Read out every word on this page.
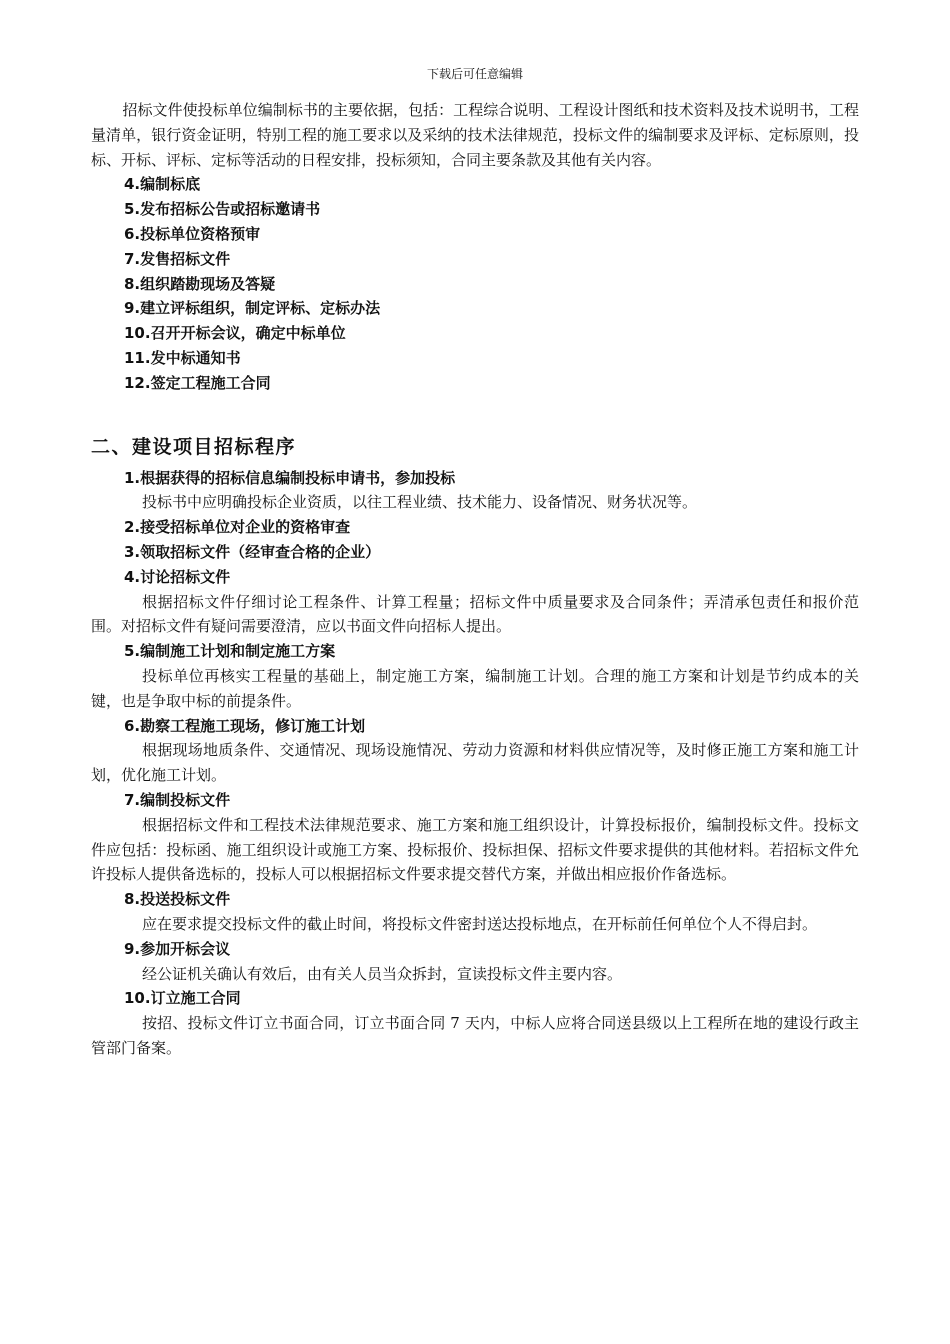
下载后可任意编辑

招标文件使投标单位编制标书的主要依据，包括：工程综合说明、工程设计图纸和技术资料及技术说明书，工程量清单，银行资金证明，特别工程的施工要求以及采纳的技术法律规范，投标文件的编制要求及评标、定标原则，投标、开标、评标、定标等活动的日程安排，投标须知，合同主要条款及其他有关内容。

4.编制标底

5.发布招标公告或招标邀请书

6.投标单位资格预审

7.发售招标文件

8.组织踏勘现场及答疑

9.建立评标组织，制定评标、定标办法

10.召开开标会议，确定中标单位

11.发中标通知书

12.签定工程施工合同

二、建设项目招标程序

1.根据获得的招标信息编制投标申请书，参加投标

投标书中应明确投标企业资质，以往工程业绩、技术能力、设备情况、财务状况等。

2.接受招标单位对企业的资格审查

3.领取招标文件（经审查合格的企业）

4.讨论招标文件

根据招标文件仔细讨论工程条件、计算工程量；招标文件中质量要求及合同条件；弄清承包责任和报价范围。对招标文件有疑问需要澄清，应以书面文件向招标人提出。

5.编制施工计划和制定施工方案

投标单位再核实工程量的基础上，制定施工方案，编制施工计划。合理的施工方案和计划是节约成本的关键，也是争取中标的前提条件。

6.勘察工程施工现场，修订施工计划

根据现场地质条件、交通情况、现场设施情况、劳动力资源和材料供应情况等，及时修正施工方案和施工计划，优化施工计划。

7.编制投标文件

根据招标文件和工程技术法律规范要求、施工方案和施工组织设计，计算投标报价，编制投标文件。投标文件应包括：投标函、施工组织设计或施工方案、投标报价、投标担保、招标文件要求提供的其他材料。若招标文件允许投标人提供备选标的，投标人可以根据招标文件要求提交替代方案，并做出相应报价作备选标。

8.投送投标文件

应在要求提交投标文件的截止时间，将投标文件密封送达投标地点，在开标前任何单位个人不得启封。

9.参加开标会议

经公证机关确认有效后，由有关人员当众拆封，宣读投标文件主要内容。

10.订立施工合同

按招、投标文件订立书面合同，订立书面合同 7 天内，中标人应将合同送县级以上工程所在地的建设行政主管部门备案。
